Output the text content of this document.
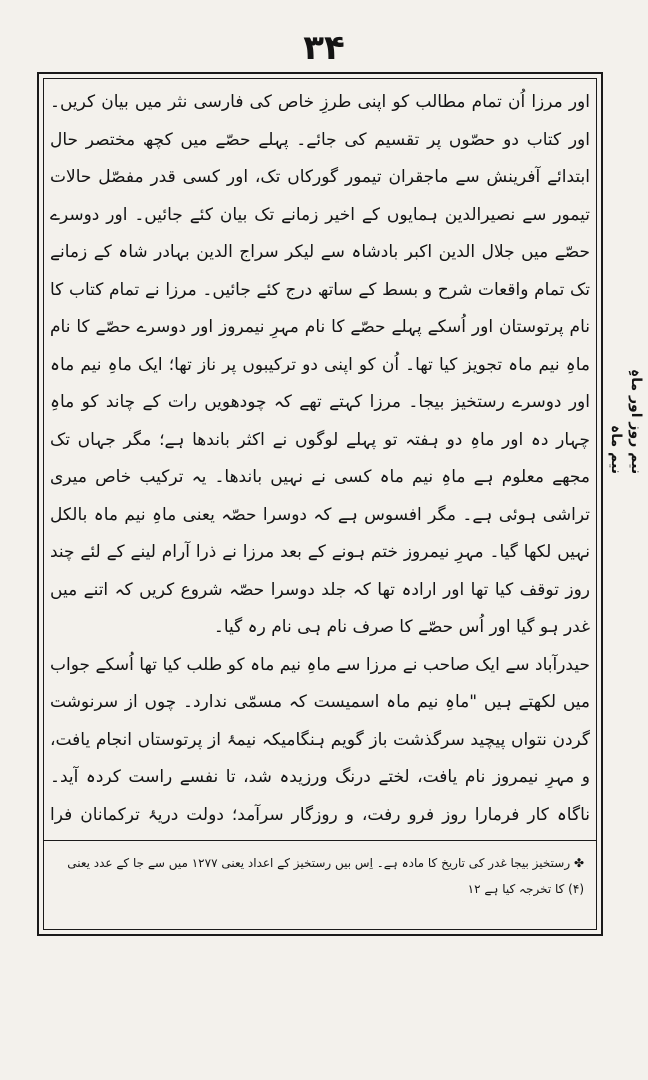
۳۴

اور مرزا اُن تمام مطالب کو اپنی طرزِ خاص کی فارسی نثر میں بیان کریں۔ اور کتاب دو حصّوں پر تقسیم کی جائے۔ پہلے حصّے میں کچھ مختصر حال ابتدائے آفرینش سے ماجقران تیمور گورکاں تک، اور کسی قدر مفصّل حالات تیمور سے نصیرالدین ہمایوں کے اخیر زمانے تک بیان کئے جائیں۔ اور دوسرے حصّے میں جلال الدین اکبر بادشاہ سے لیکر سراج الدین بہادر شاہ کے زمانے تک تمام واقعات شرح و بسط کے ساتھ درج کئے جائیں۔ مرزا نے تمام کتاب کا نام پرتوستان اور اُسکے پہلے حصّے کا نام مہرِ نیمروز اور دوسرے حصّے کا نام ماہِ نیم ماہ تجویز کیا تھا۔ اُن کو اپنی دو ترکیبوں پر ناز تھا؛ ایک ماہِ نیم ماہ اور دوسرے رستخیز بیجا۔ مرزا کہتے تھے کہ چودھویں رات کے چاند کو ماہِ چہار دہ اور ماہِ دو ہفتہ تو پہلے لوگوں نے اکثر باندھا ہے؛ مگر جہاں تک مجھے معلوم ہے ماہِ نیم ماہ کسی نے نہیں باندھا۔ یہ ترکیب خاص میری تراشی ہوئی ہے۔ مگر افسوس ہے کہ دوسرا حصّہ یعنی ماہِ نیم ماہ بالکل نہیں لکھا گیا۔ مہرِ نیمروز ختم ہونے کے بعد مرزا نے ذرا آرام لینے کے لئے چند روز توقف کیا تھا اور ارادہ تھا کہ جلد دوسرا حصّہ شروع کریں کہ اتنے میں غدر ہو گیا اور اُس حصّے کا صرف نام ہی نام رہ گیا۔

حیدرآباد سے ایک صاحب نے مرزا سے ماہِ نیم ماہ کو طلب کیا تھا اُسکے جواب میں لکھتے ہیں "ماہِ نیم ماہ اسمیست کہ مسمّی ندارد۔ چوں از سرنوشت گردن نتواں پیچید سرگذشت باز گویم ہنگامیکہ نیمۂ از پرتوستاں انجام یافت، و مہرِ نیمروز نام یافت، لختے درنگ ورزیدہ شد، تا نفسے راست کردہ آید۔ ناگاہ کار فرمارا روز فرو رفت، و روزگار سرآمد؛ دولت دریۂ ترکمانان فرا

نیم روز اور ماہِ نیم ماہ
✤ رستخیز بیجا غدر کی تاریخ کا مادہ ہے۔ اِس بیں رستخیز کے اعداد یعنی ۱۲۷۷ میں سے جا کے عدد یعنی (۴) کا تخرجہ کیا ہے ۱۲
